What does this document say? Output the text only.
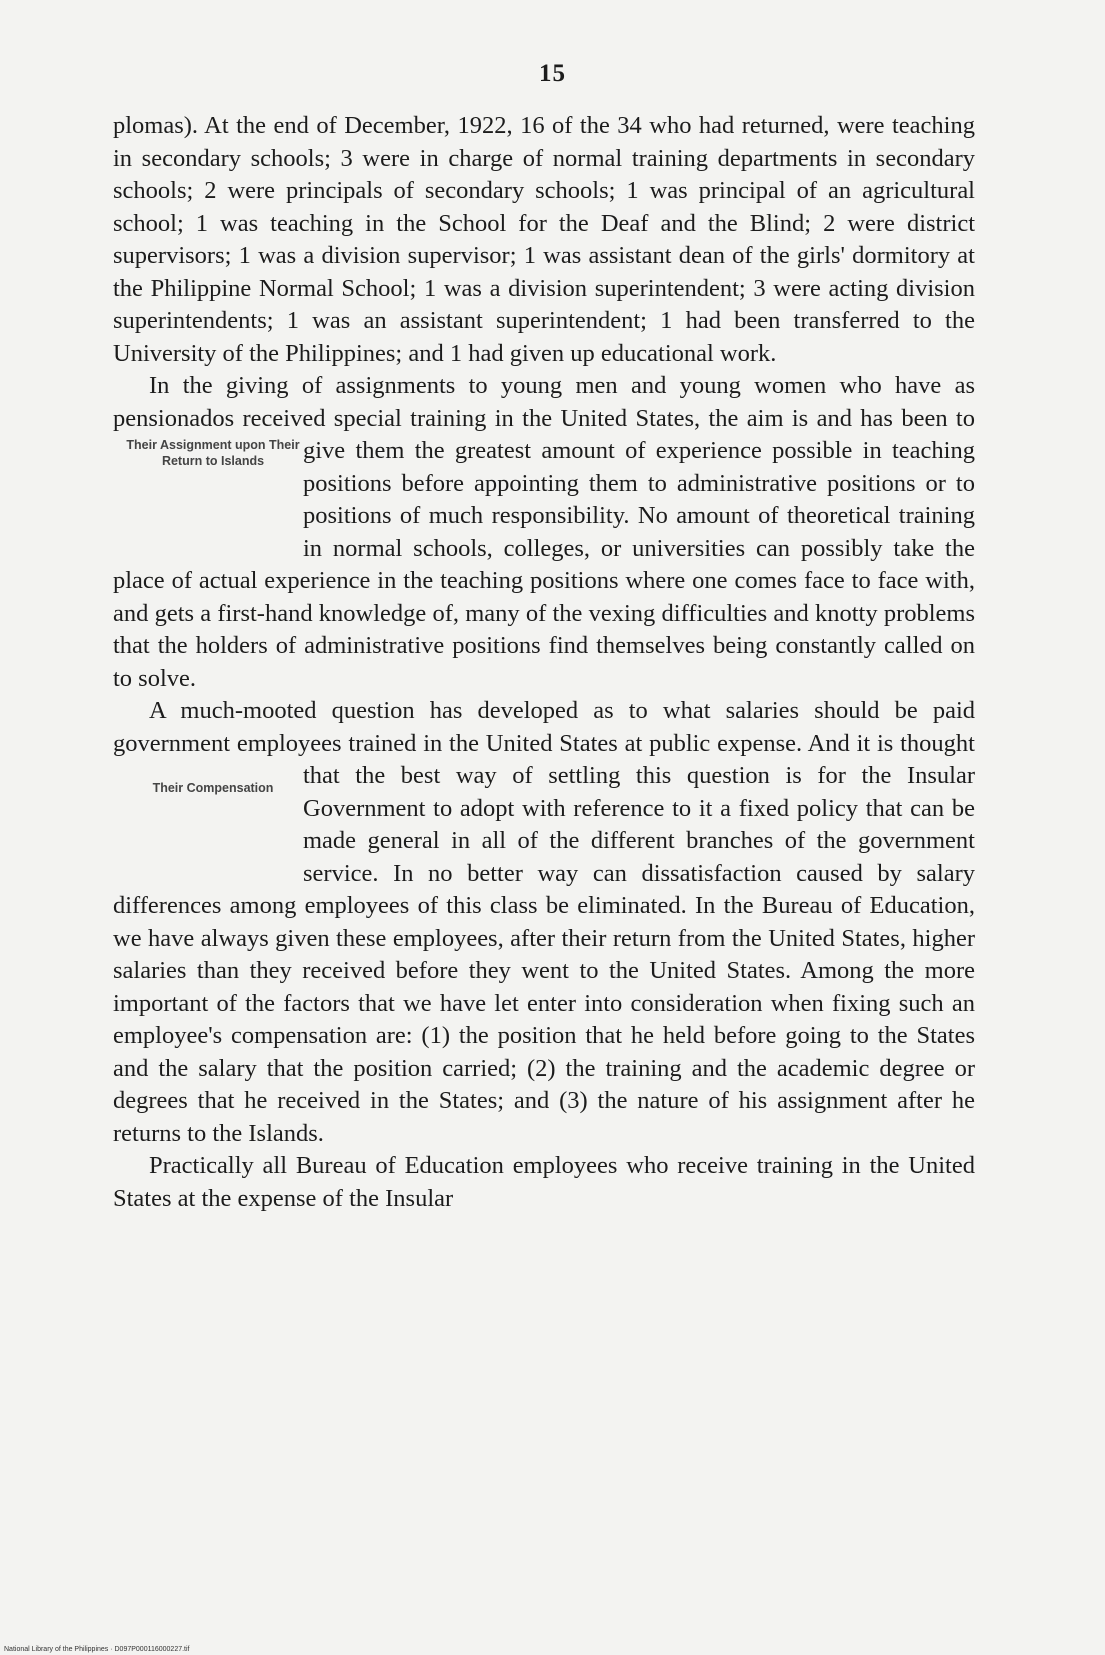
15

plomas). At the end of December, 1922, 16 of the 34 who had returned, were teaching in secondary schools; 3 were in charge of normal training departments in secondary schools; 2 were principals of secondary schools; 1 was principal of an agricultural school; 1 was teaching in the School for the Deaf and the Blind; 2 were district supervisors; 1 was a division supervisor; 1 was assistant dean of the girls' dormitory at the Philippine Normal School; 1 was a division superintendent; 3 were acting division superintendents; 1 was an assistant superintendent; 1 had been transferred to the University of the Philippines; and 1 had given up educational work.

In the giving of assignments to young men and young women who have as pensionados received special training in the United States, the aim is and has been to give them the greatest amount
Their Assignment upon Their Return to Islands	of experience possible in teaching positions before appointing them to administrative positions or to positions of much responsibility. No amount of theoretical training in normal schools, colleges, or universities can possibly take the place of actual experience in the teaching positions where one comes face to face with, and gets a first-hand knowledge of, many of the vexing difficulties and knotty problems that the holders of administrative positions find themselves being constantly called on to solve.

A much-mooted question has developed as to what salaries should be paid government employees trained in the United States at public expense. And it is thought that the best way
Their Compensation	of settling this question is for the Insular Government to adopt with reference to it a fixed policy that can be made general in all of the different branches of the government service. In no better way can dissatisfaction caused by salary differences among employees of this class be eliminated. In the Bureau of Education, we have always given these employees, after their return from the United States, higher salaries than they received before they went to the United States. Among the more important of the factors that we have let enter into consideration when fixing such an employee's compensation are: (1) the position that he held before going to the States and the salary that the position carried; (2) the training and the academic degree or degrees that he received in the States; and (3) the nature of his assignment after he returns to the Islands.

Practically all Bureau of Education employees who receive training in the United States at the expense of the Insular

National Library of the Philippines · D097P000116000227.tif
